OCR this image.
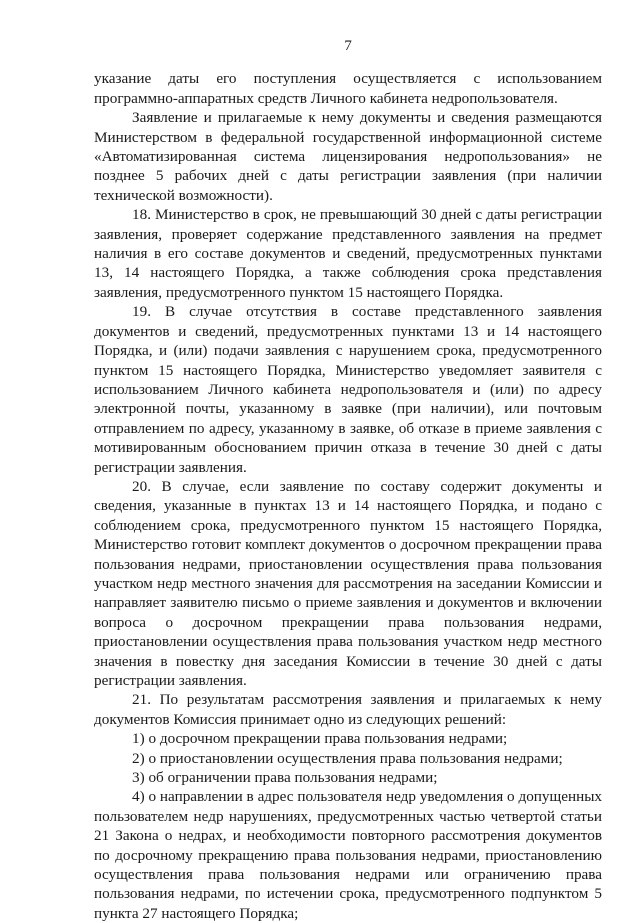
7

указание даты его поступления осуществляется с использованием программно-аппаратных средств Личного кабинета недропользователя.

Заявление и прилагаемые к нему документы и сведения размещаются Министерством в федеральной государственной информационной системе «Автоматизированная система лицензирования недропользования» не позднее 5 рабочих дней с даты регистрации заявления (при наличии технической возможности).

18. Министерство в срок, не превышающий 30 дней с даты регистрации заявления, проверяет содержание представленного заявления на предмет наличия в его составе документов и сведений, предусмотренных пунктами 13, 14 настоящего Порядка, а также соблюдения срока представления заявления, предусмотренного пунктом 15 настоящего Порядка.

19. В случае отсутствия в составе представленного заявления документов и сведений, предусмотренных пунктами 13 и 14 настоящего Порядка, и (или) подачи заявления с нарушением срока, предусмотренного пунктом 15 настоящего Порядка, Министерство уведомляет заявителя с использованием Личного кабинета недропользователя и (или) по адресу электронной почты, указанному в заявке (при наличии), или почтовым отправлением по адресу, указанному в заявке, об отказе в приеме заявления с мотивированным обоснованием причин отказа в течение 30 дней с даты регистрации заявления.

20. В случае, если заявление по составу содержит документы и сведения, указанные в пунктах 13 и 14 настоящего Порядка, и подано с соблюдением срока, предусмотренного пунктом 15 настоящего Порядка, Министерство готовит комплект документов о досрочном прекращении права пользования недрами, приостановлении осуществления права пользования участком недр местного значения для рассмотрения на заседании Комиссии и направляет заявителю письмо о приеме заявления и документов и включении вопроса о досрочном прекращении права пользования недрами, приостановлении осуществления права пользования участком недр местного значения в повестку дня заседания Комиссии в течение 30 дней с даты регистрации заявления.

21. По результатам рассмотрения заявления и прилагаемых к нему документов Комиссия принимает одно из следующих решений:

1) о досрочном прекращении права пользования недрами;

2) о приостановлении осуществления права пользования недрами;

3) об ограничении права пользования недрами;

4) о направлении в адрес пользователя недр уведомления о допущенных пользователем недр нарушениях, предусмотренных частью четвертой статьи 21 Закона о недрах, и необходимости повторного рассмотрения документов по досрочному прекращению права пользования недрами, приостановлению осуществления права пользования недрами или ограничению права пользования недрами, по истечении срока, предусмотренного подпунктом 5 пункта 27 настоящего Порядка;
